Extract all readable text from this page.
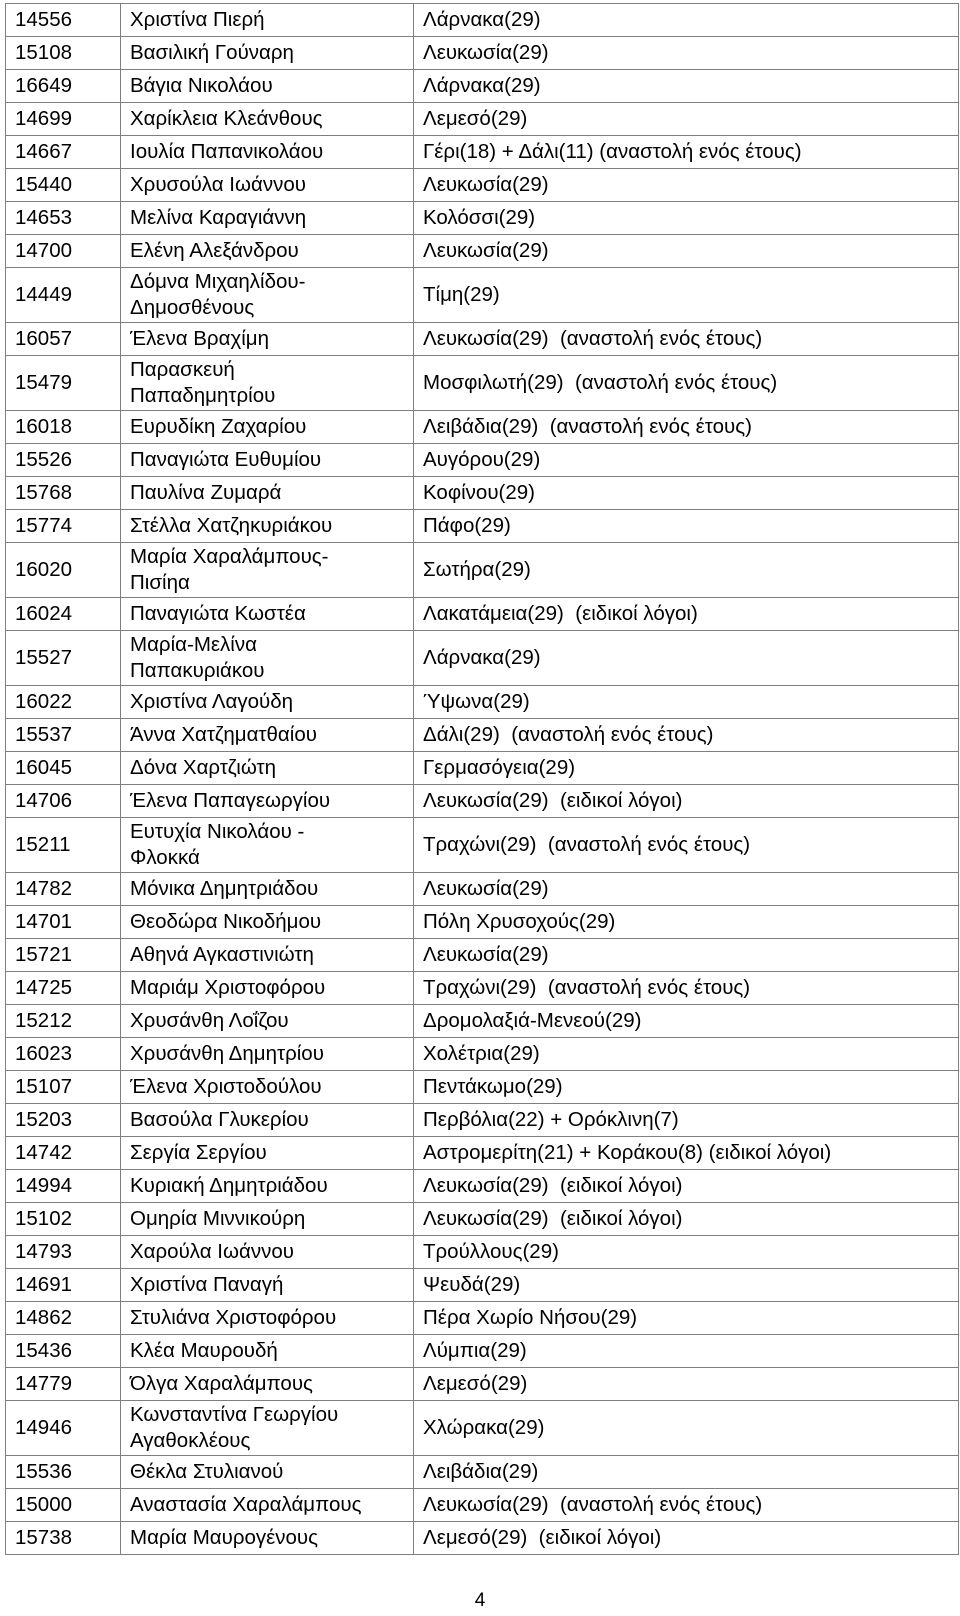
14556	Χριστίνα Πιερή	Λάρνακα(29)
15108	Βασιλική Γούναρη	Λευκωσία(29)
16649	Βάγια Νικολάου	Λάρνακα(29)
14699	Χαρίκλεια Κλεάνθους	Λεμεσό(29)
14667	Ιουλία Παπανικολάου	Γέρι(18) + Δάλι(11) (αναστολή ενός έτους)
15440	Χρυσούλα Ιωάννου	Λευκωσία(29)
14653	Μελίνα Καραγιάννη	Κολόσσι(29)
14700	Ελένη Αλεξάνδρου	Λευκωσία(29)
14449	Δόμνα Μιχαηλίδου-
Δημοσθένους	Τίμη(29)
16057	Έλενα Βραχίμη	Λευκωσία(29)  (αναστολή ενός έτους)
15479	Παρασκευή
Παπαδημητρίου	Μοσφιλωτή(29)  (αναστολή ενός έτους)
16018	Ευρυδίκη Ζαχαρίου	Λειβάδια(29)  (αναστολή ενός έτους)
15526	Παναγιώτα Ευθυμίου	Αυγόρου(29)
15768	Παυλίνα Ζυμαρά	Κοφίνου(29)
15774	Στέλλα Χατζηκυριάκου	Πάφο(29)
16020	Μαρία Χαραλάμπους-
Πισίηα	Σωτήρα(29)
16024	Παναγιώτα Κωστέα	Λακατάμεια(29)  (ειδικοί λόγοι)
15527	Μαρία-Μελίνα
Παπακυριάκου	Λάρνακα(29)
16022	Χριστίνα Λαγούδη	Ύψωνα(29)
15537	Άννα Χατζηματθαίου	Δάλι(29)  (αναστολή ενός έτους)
16045	Δόνα Χαρτζιώτη	Γερμασόγεια(29)
14706	Έλενα Παπαγεωργίου	Λευκωσία(29)  (ειδικοί λόγοι)
15211	Ευτυχία Νικολάου -
Φλοκκά	Τραχώνι(29)  (αναστολή ενός έτους)
14782	Μόνικα Δημητριάδου	Λευκωσία(29)
14701	Θεοδώρα Νικοδήμου	Πόλη Χρυσοχούς(29)
15721	Αθηνά Αγκαστινιώτη	Λευκωσία(29)
14725	Μαριάμ Χριστοφόρου	Τραχώνι(29)  (αναστολή ενός έτους)
15212	Χρυσάνθη Λοΐζου	Δρομολαξιά-Μενεού(29)
16023	Χρυσάνθη Δημητρίου	Χολέτρια(29)
15107	Έλενα Χριστοδούλου	Πεντάκωμο(29)
15203	Βασούλα Γλυκερίου	Περβόλια(22) + Ορόκλινη(7)
14742	Σεργία Σεργίου	Αστρομερίτη(21) + Κοράκου(8) (ειδικοί λόγοι)
14994	Κυριακή Δημητριάδου	Λευκωσία(29)  (ειδικοί λόγοι)
15102	Ομηρία Μιννικούρη	Λευκωσία(29)  (ειδικοί λόγοι)
14793	Χαρούλα Ιωάννου	Τρούλλους(29)
14691	Χριστίνα Παναγή	Ψευδά(29)
14862	Στυλιάνα Χριστοφόρου	Πέρα Χωρίο Νήσου(29)
15436	Κλέα Μαυρουδή	Λύμπια(29)
14779	Όλγα Χαραλάμπους	Λεμεσό(29)
14946	Κωνσταντίνα Γεωργίου
Αγαθοκλέους	Χλώρακα(29)
15536	Θέκλα Στυλιανού	Λειβάδια(29)
15000	Αναστασία Χαραλάμπους	Λευκωσία(29)  (αναστολή ενός έτους)
15738	Μαρία Μαυρογένους	Λεμεσό(29)  (ειδικοί λόγοι)
4
